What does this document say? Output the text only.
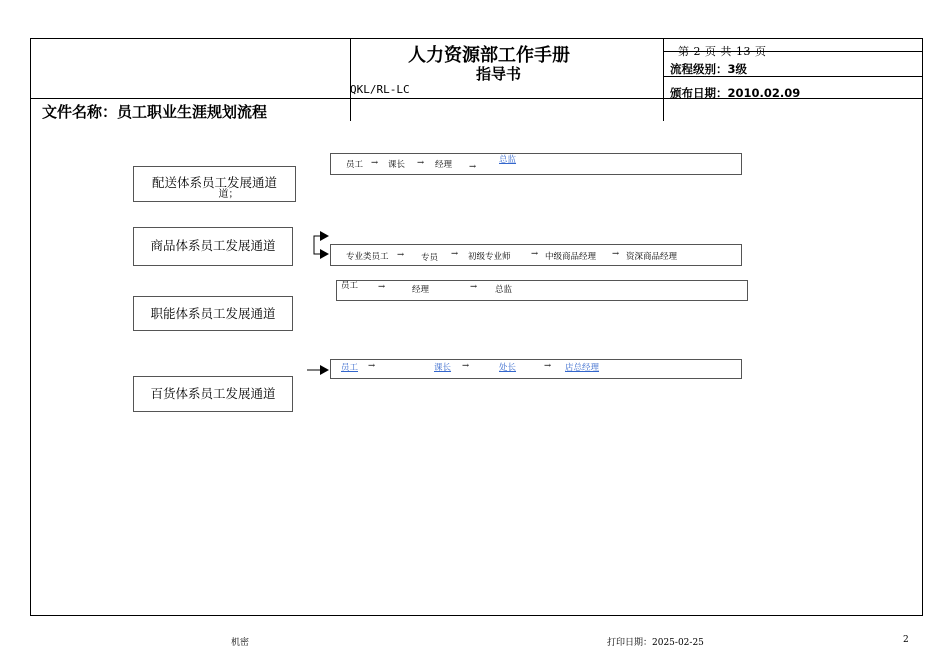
人力资源部工作手册
指导书
QKL/RL-LC
第 2 页 共 13 页
流程级别：3级
颁布日期：2010.02.09
文件名称：员工职业生涯规划流程
配送体系员工发展通道
道；
商品体系员工发展通道
职能体系员工发展通道
百货体系员工发展通道
员工 → 课长 → 经理 →
总监
专业类员工 → 专员 → 初级专业师 → 中级商品经理 → 资深商品经理
员工 →	经理	→ 总监
员工 →	课长 →	处长	→ 店总经理
机密	打印日期：2025-02-25	2
